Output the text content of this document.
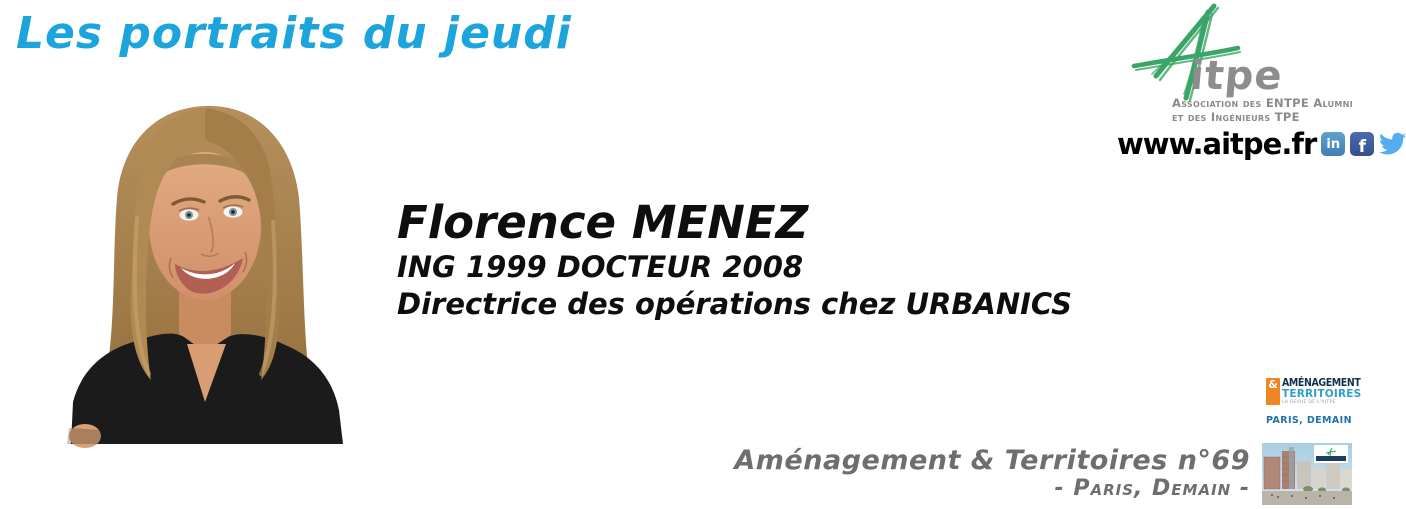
Les portraits du jeudi
Florence MENEZ
ING 1999 DOCTEUR 2008
Directrice des opérations chez URBANICS
itpe
Association des ENTPE Alumni
et des Ingénieurs TPE
www.aitpe.fr in	f
& AMÉNAGEMENT
TERRITOIRES
LA REVUE DE L'AITPE
PARIS, DEMAIN
Aménagement & Territoires n°69
- Paris, Demain -
